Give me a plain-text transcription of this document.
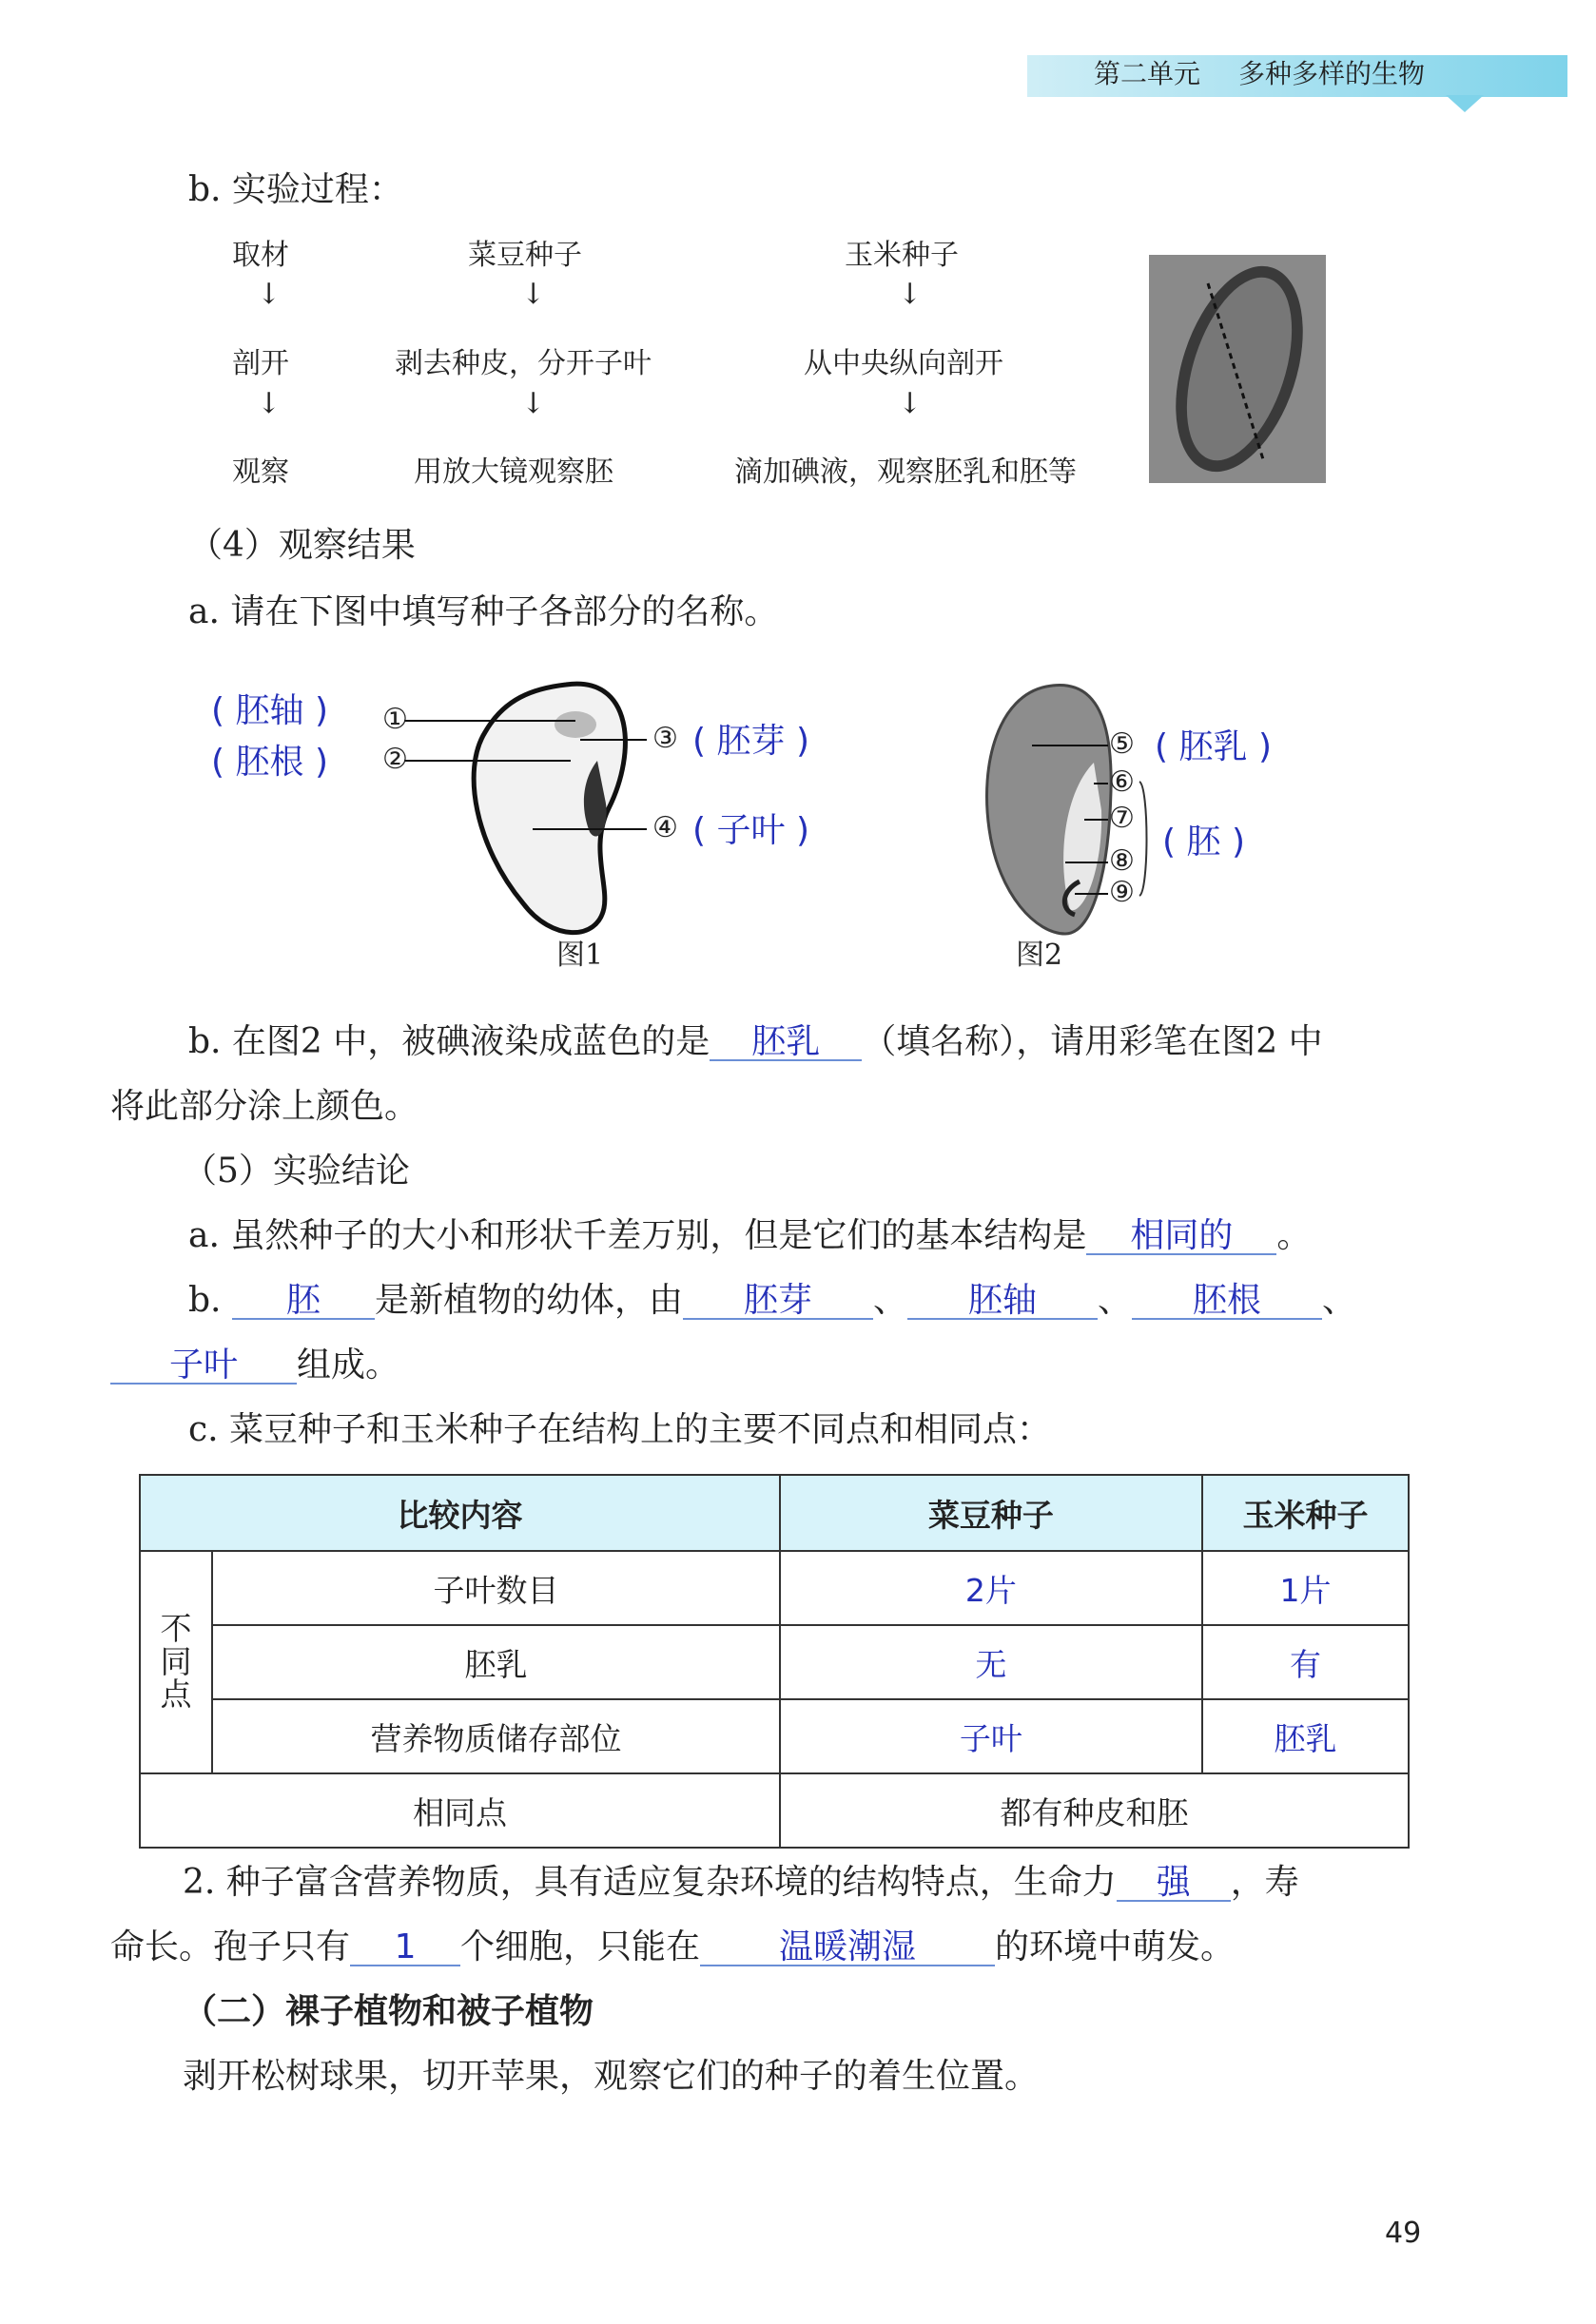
第二单元 多种多样的生物
b. 实验过程：
取材
剖开
观察
↓
↓
菜豆种子
剥去种皮，分开子叶
用放大镜观察胚
↓
↓
玉米种子
从中央纵向剖开
滴加碘液，观察胚乳和胚等
↓
↓
（4）观察结果
a. 请在下图中填写种子各部分的名称。
①
②
③
④
( 胚轴 )
( 胚根 )
( 胚芽 )
( 子叶 )
图1
⑤
⑥
⑦
⑧
⑨
( 胚乳 )
( 胚 )
图2
b. 在图2 中，被碘液染成蓝色的是 胚乳 （填名称），请用彩笔在图2 中
将此部分涂上颜色。
（5）实验结论
a. 虽然种子的大小和形状千差万别，但是它们的基本结构是 相同的 。
b. 胚 是新植物的幼体，由 胚芽 、 胚轴 、 胚根 、
子叶 组成。
c. 菜豆种子和玉米种子在结构上的主要不同点和相同点：
比较内容		菜豆种子	玉米种子
不同点	子叶数目	2片	1片
	胚乳	无	有
	营养物质储存部位	子叶	胚乳
相同点		都有种皮和胚	
2. 种子富含营养物质，具有适应复杂环境的结构特点，生命力 强 ，寿
命长。孢子只有 1 个细胞，只能在 温暖潮湿 的环境中萌发。
（二）裸子植物和被子植物
剥开松树球果，切开苹果，观察它们的种子的着生位置。
49
